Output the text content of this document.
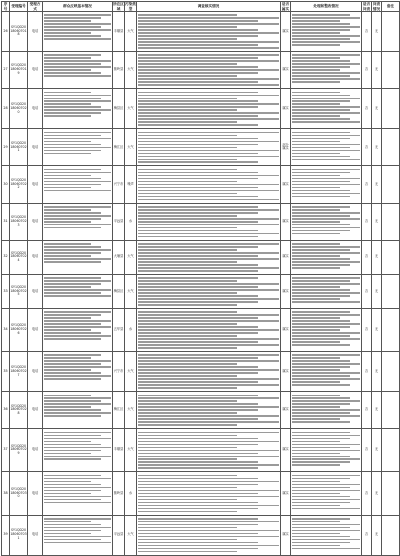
序号	受理编号	受理方式	群众反映基本情况	所在区域	污染类型	调查核实情况	是否属实	处理和整改情况	是否问责	问责情况	备注
26	SY1QD20180607018	电话		丰顺县	大气		属实		否	无	
27	SY1QD20180607019	电话		蕉岭县	大气		属实		否	无	
28	SY1QD20180607020	电话		梅县区	大气		属实		否	无	
29	SY1QD20180607021	电话		梅江区	大气		部分属实		否	无	
30	SY1QD20180607022	电话		兴宁市	噪声		属实		否	无	
31	SY1QD20180607023	电话		平远县	水		属实		否	无	
32	SY1QD20180607024	电话		大埔县	大气		属实		否	无	
33	SY1QD20180607025	电话		梅县区	大气		属实		否	无	
34	SY1QD20180607026	电话		五华县	水		属实		否	无	
35	SY1QD20180607027	电话		兴宁市	大气		属实		否	无	
36	SY1QD20180607028	电话		梅江区	大气		属实		否	无	
37	SY1QD20180607029	电话		丰顺县	大气		属实		否	无	
38	SY1QD20180607030	电话		蕉岭县	水		属实		否	无	
39	SY1QD20180607031	电话		平远县	大气		属实		否	无	
